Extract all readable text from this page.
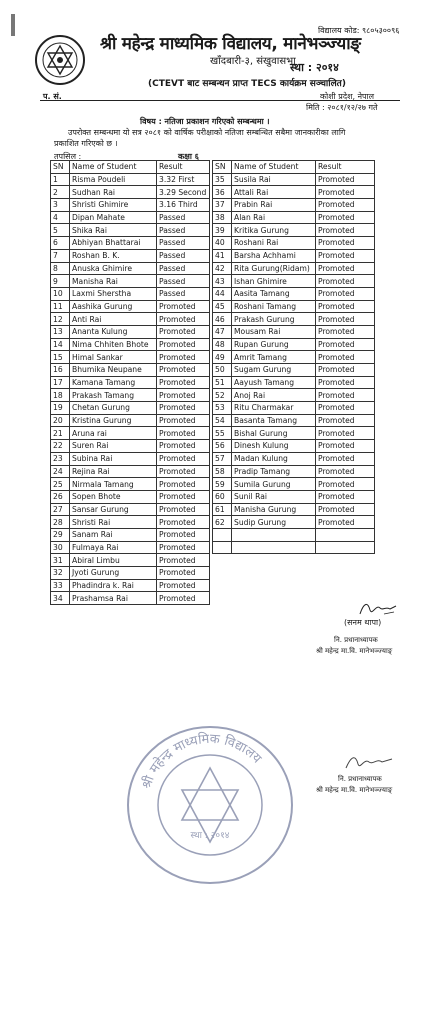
विद्यालय कोड: ९८०५३००९६
श्री महेन्द्र माध्यमिक विद्यालय, मानेभञ्ज्याङ्
खाँदबारी-३, संखुवासभा
स्था : २०१४
(CTEVT बाट सम्बन्धन प्राप्त TECS कार्यक्रम सञ्चालित)
प. सं.	कोशी प्रदेश, नेपाल
मिति : २०८१/१२/२७ गते
विषय : नतिजा प्रकाशन गरिएको सम्बन्धमा ।
उपरोक्त सम्बन्धमा यो सत्र २०८१ को वार्षिक परीक्षाको नतिजा सम्बन्धित सबैमा जानकारीका लागि
प्रकाशित गरिएको छ ।
तपसिल :	कक्षा ६
SN	Name of Student	Result
1	Risma Poudeli	3.32 First
2	Sudhan Rai	3.29 Second
3	Shristi Ghimire	3.16 Third
4	Dipan Mahate	Passed
5	Shika Rai	Passed
6	Abhiyan Bhattarai	Passed
7	Roshan B. K.	Passed
8	Anuska Ghimire	Passed
9	Manisha Rai	Passed
10	Laxmi Sherstha	Passed
11	Aashika Gurung	Promoted
12	Anti Rai	Promoted
13	Ananta Kulung	Promoted
14	Nima Chhiten Bhote	Promoted
15	Himal Sankar	Promoted
16	Bhumika Neupane	Promoted
17	Kamana Tamang	Promoted
18	Prakash Tamang	Promoted
19	Chetan Gurung	Promoted
20	Kristina Gurung	Promoted
21	Aruna rai	Promoted
22	Suren Rai	Promoted
23	Subina Rai	Promoted
24	Rejina Rai	Promoted
25	Nirmala Tamang	Promoted
26	Sopen Bhote	Promoted
27	Sansar Gurung	Promoted
28	Shristi Rai	Promoted
29	Sanam Rai	Promoted
30	Fulmaya Rai	Promoted
31	Abiral Limbu	Promoted
32	Jyoti Gurung	Promoted
33	Phadindra k. Rai	Promoted
34	Prashamsa Rai	Promoted
SN	Name of Student	Result
35	Susila Rai	Promoted
36	Attali Rai	Promoted
37	Prabin Rai	Promoted
38	Alan Rai	Promoted
39	Kritika Gurung	Promoted
40	Roshani Rai	Promoted
41	Barsha Achhami	Promoted
42	Rita Gurung(Ridam)	Promoted
43	Ishan Ghimire	Promoted
44	Aasita Tamang	Promoted
45	Roshani Tamang	Promoted
46	Prakash Gurung	Promoted
47	Mousam Rai	Promoted
48	Rupan Gurung	Promoted
49	Amrit Tamang	Promoted
50	Sugam Gurung	Promoted
51	Aayush Tamang	Promoted
52	Anoj Rai	Promoted
53	Ritu Charmakar	Promoted
54	Basanta Tamang	Promoted
55	Bishal Gurung	Promoted
56	Dinesh Kulung	Promoted
57	Madan Kulung	Promoted
58	Pradip Tamang	Promoted
59	Sumila Gurung	Promoted
60	Sunil Rai	Promoted
61	Manisha Gurung	Promoted
62	Sudip Gurung	Promoted

(सनम थापा)
नि. प्रधानाध्यापक
श्री महेन्द्र मा.वि. मानेभञ्ज्याङ्
श्री महेन्द्र माध्यमिक विद्यालय
स्था : २०१४
नि. प्रधानाध्यापक
श्री महेन्द्र मा.वि. मानेभञ्ज्याङ्
